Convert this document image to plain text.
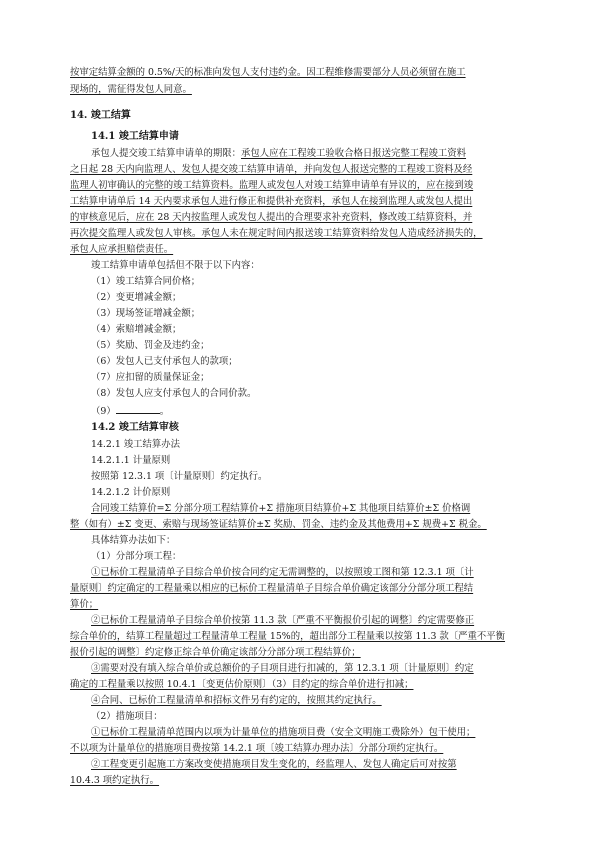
按审定结算金额的 0.5%/天的标准向发包人支付违约金。因工程维修需要部分人员必须留在施工
现场的，需征得发包人同意。
14. 竣工结算
14.1 竣工结算申请
承包人提交竣工结算申请单的期限：承包人应在工程竣工验收合格日报送完整工程竣工资料
之日起 28 天内向监理人、发包人提交竣工结算申请单，并向发包人报送完整的工程竣工资料及经
监理人初审确认的完整的竣工结算资料。监理人或发包人对竣工结算申请单有异议的，应在接到竣
工结算申请单后 14 天内要求承包人进行修正和提供补充资料，承包人在接到监理人或发包人提出
的审核意见后，应在 28 天内按监理人或发包人提出的合理要求补充资料，修改竣工结算资料，并
再次提交监理人或发包人审核。承包人未在规定时间内报送竣工结算资料给发包人造成经济损失的，
承包人应承担赔偿责任。
竣工结算申请单包括但不限于以下内容：
（1）竣工结算合同价格；
（2）变更增减金额；
（3）现场签证增减金额；
（4）索赔增减金额；
（5）奖励、罚金及违约金；
（6）发包人已支付承包人的款项；
（7）应扣留的质量保证金；
（8）发包人应支付承包人的合同价款。
（9）	。
14.2 竣工结算审核
14.2.1 竣工结算办法
14.2.1.1 计量原则
按照第 12.3.1 项〔计量原则〕约定执行。
14.2.1.2 计价原则
合同竣工结算价=Σ 分部分项工程结算价+Σ 措施项目结算价+Σ 其他项目结算价±Σ 价格调
整（如有）±Σ 变更、索赔与现场签证结算价±Σ 奖励、罚金、违约金及其他费用+Σ 规费+Σ 税金。
具体结算办法如下：
（1）分部分项工程：
①已标价工程量清单子目综合单价按合同约定无需调整的，以按照竣工图和第 12.3.1 项〔计
量原则〕约定确定的工程量乘以相应的已标价工程量清单子目综合单价确定该部分分部分项工程结
算价；
②已标价工程量清单子目综合单价按第 11.3 款〔严重不平衡报价引起的调整〕约定需要修正
综合单价的，结算工程量超过工程量清单工程量 15%的，超出部分工程量乘以按第 11.3 款〔严重不平衡
报价引起的调整〕约定修正综合单价确定该部分分部分项工程结算价；
③需要对没有填入综合单价或总额价的子目项目进行扣减的，第 12.3.1 项〔计量原则〕约定
确定的工程量乘以按照 10.4.1〔变更估价原则〕（3）目约定的综合单价进行扣减；
④合同、已标价工程量清单和招标文件另有约定的，按照其约定执行。
（2）措施项目：
①已标价工程量清单范围内以项为计量单位的措施项目费（安全文明施工费除外）包干使用；
不以项为计量单位的措施项目费按第 14.2.1 项〔竣工结算办理办法〕分部分项约定执行。
②工程变更引起施工方案改变使措施项目发生变化的，经监理人、发包人确定后可对按第
10.4.3 项约定执行。
